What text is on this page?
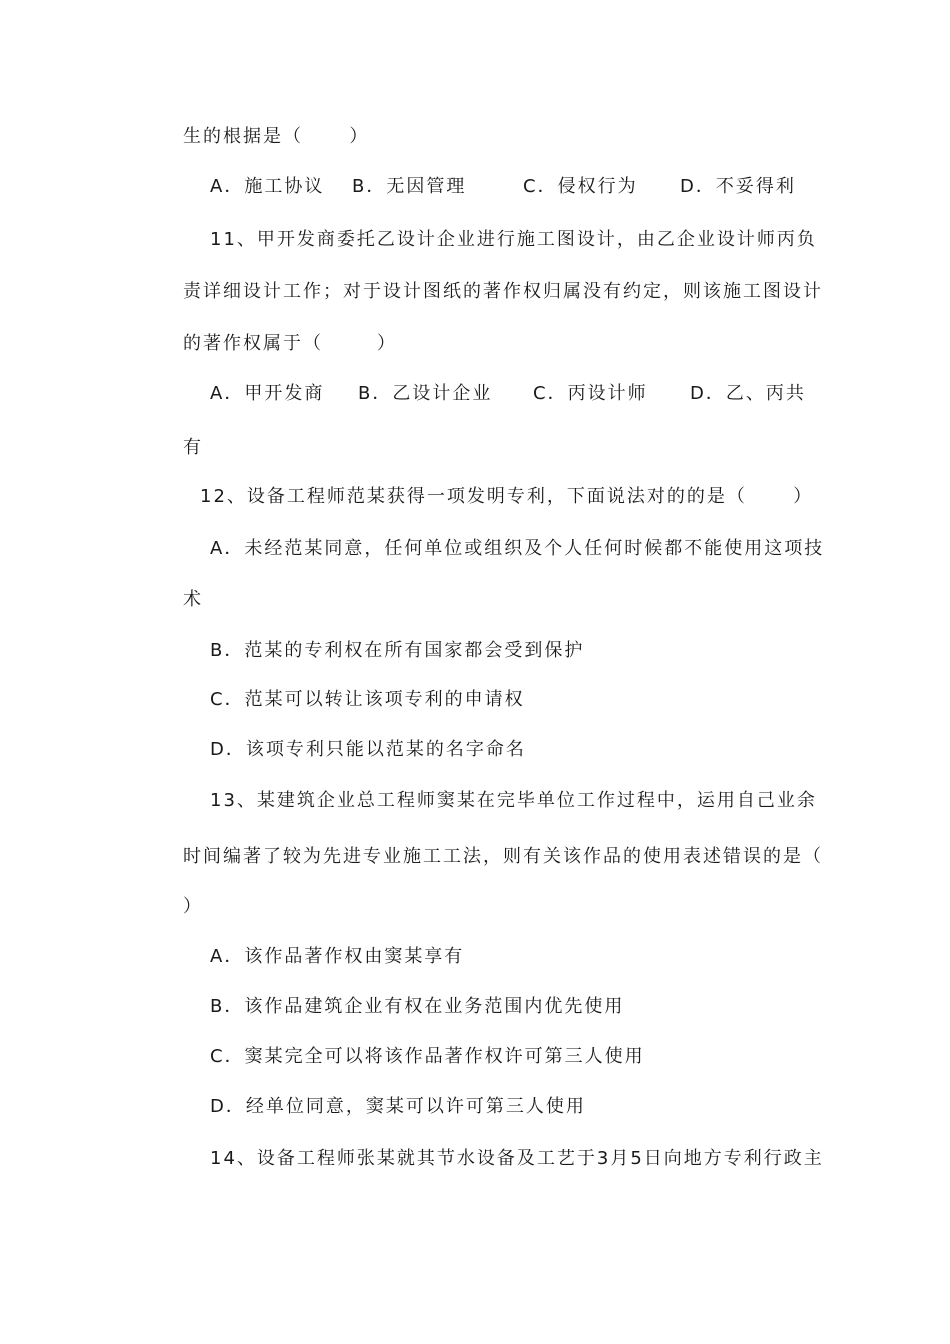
生的根据是（      ）
A．施工协议 B．无因管理	C．侵权行为 D．不妥得利
11、甲开发商委托乙设计企业进行施工图设计，由乙企业设计师丙负
责详细设计工作；对于设计图纸的著作权归属没有约定，则该施工图设计
的著作权属于（       ）
A．甲开发商 B．乙设计企业 C．丙设计师 D．乙、丙共
有
12、设备工程师范某获得一项发明专利，下面说法对的的是（      ）
A．未经范某同意，任何单位或组织及个人任何时候都不能使用这项技
术
B．范某的专利权在所有国家都会受到保护
C．范某可以转让该项专利的申请权
D．该项专利只能以范某的名字命名
13、某建筑企业总工程师窦某在完毕单位工作过程中，运用自己业余
时间编著了较为先进专业施工工法，则有关该作品的使用表述错误的是（
）
A．该作品著作权由窦某享有
B．该作品建筑企业有权在业务范围内优先使用
C．窦某完全可以将该作品著作权许可第三人使用
D．经单位同意，窦某可以许可第三人使用
14、设备工程师张某就其节水设备及工艺于3月5日向地方专利行政主
